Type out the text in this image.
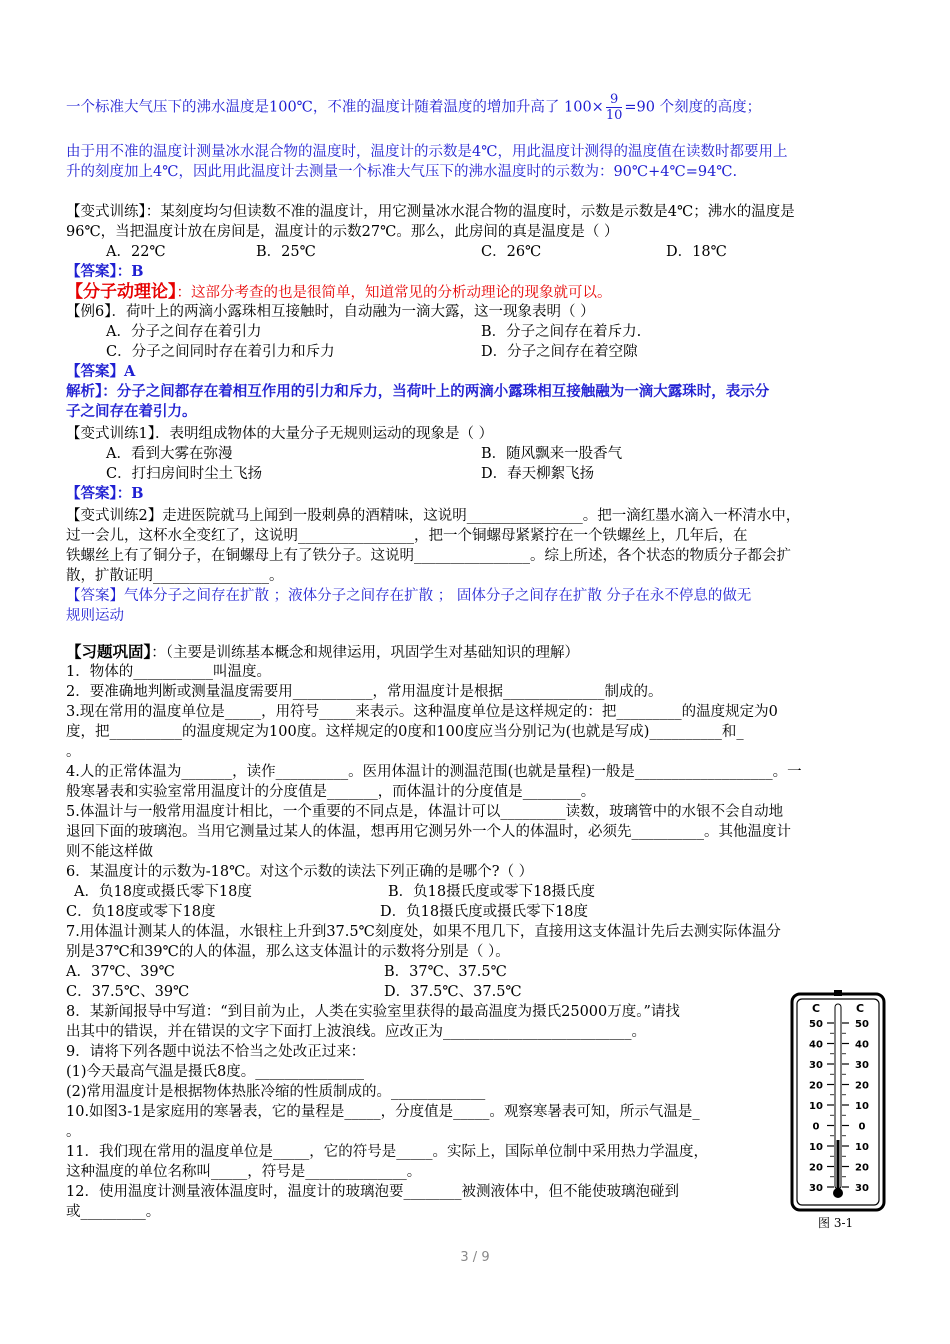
一个标准大气压下的沸水温度是100℃，不准的温度计随着温度的增加升高了 $100\times \frac{9}{10} =90$ 个刻度的高度；
由于用不准的温度计测量冰水混合物的温度时，温度计的示数是4℃，用此温度计测得的温度值在读数时都要用上
升的刻度加上4℃，因此用此温度计去测量一个标准大气压下的沸水温度时的示数为：90℃+4℃=94℃.
【变式训练】：某刻度均匀但读数不准的温度计，用它测量冰水混合物的温度时，示数是示数是4℃；沸水的温度是
96℃，当把温度计放在房间是，温度计的示数27℃。那么，此房间的真是温度是（ ）
A．22℃	B．25℃	C．26℃	D．18℃
【答案】：B
【分子动理论】：这部分考查的也是很简单，知道常见的分析动理论的现象就可以。
【例6】．荷叶上的两滴小露珠相互接触时，自动融为一滴大露，这一现象表明（ ）
A．分子之间存在着引力	B．分子之间存在着斥力.
C．分子之间同时存在着引力和斥力	D．分子之间存在着空隙
【答案】A
解析】：分子之间都存在着相互作用的引力和斥力，当荷叶上的两滴小露珠相互接触融为一滴大露珠时，表示分
子之间存在着引力。
【变式训练1】．表明组成物体的大量分子无规则运动的现象是（ ）
A．看到大雾在弥漫	B．随风飘来一股香气
C．打扫房间时尘土飞扬	D．春天柳絮飞扬
【答案】：B
【变式训练2】走进医院就马上闻到一股刺鼻的酒精味，这说明________________。把一滴红墨水滴入一杯清水中，
过一会儿，这杯水全变红了，这说明________________，把一个铜螺母紧紧拧在一个铁螺丝上，几年后，在
铁螺丝上有了铜分子，在铜螺母上有了铁分子。这说明________________。综上所述，各个状态的物质分子都会扩
散，扩散证明________________。
【答案】气体分子之间存在扩散 ；液体分子之间存在扩散 ； 固体分子之间存在扩散 分子在永不停息的做无
规则运动
【习题巩固】：（主要是训练基本概念和规律运用，巩固学生对基础知识的理解）
1．物体的___________叫温度。
2．要准确地判断或测量温度需要用___________，常用温度计是根据______________制成的。
3.现在常用的温度单位是_____，用符号_____来表示。这种温度单位是这样规定的：把_________的温度规定为0
度，把__________的温度规定为100度。这样规定的0度和100度应当分别记为(也就是写成)__________和_
。
4.人的正常体温为_______，读作__________。医用体温计的测温范围(也就是量程)一般是___________________。一
般寒暑表和实验室常用温度计的分度值是_______，而体温计的分度值是________。
5.体温计与一般常用温度计相比，一个重要的不同点是，体温计可以_________读数，玻璃管中的水银不会自动地
退回下面的玻璃泡。当用它测量过某人的体温，想再用它测另外一个人的体温时，必须先__________。其他温度计
则不能这样做
6．某温度计的示数为-18℃。对这个示数的读法下列正确的是哪个?（ ）
A．负18度或摄氏零下18度	B．负18摄氏度或零下18摄氏度
C．负18度或零下18度	D．负18摄氏度或摄氏零下18度
7.用体温计测某人的体温，水银柱上升到37.5℃刻度处，如果不甩几下，直接用这支体温计先后去测实际体温分
别是37℃和39℃的人的体温，那么这支体温计的示数将分别是（ ）。
A．37℃、39℃	B．37℃、37.5℃
C．37.5℃、39℃	D．37.5℃、37.5℃
8．某新闻报导中写道：“到目前为止，人类在实验室里获得的最高温度为摄氏25000万度。”请找
出其中的错误，并在错误的文字下面打上波浪线。应改正为__________________________。
9．请将下列各题中说法不恰当之处改正过来：
(1)今天最高气温是摄氏8度。_______________
(2)常用温度计是根据物体热胀冷缩的性质制成的。_____________
10.如图3-1是家庭用的寒暑表，它的量程是_____，分度值是_____。观察寒暑表可知，所示气温是_
。
11．我们现在常用的温度单位是_____，它的符号是_____。实际上，国际单位制中采用热力学温度，
这种温度的单位名称叫_____，符号是______________。
12．使用温度计测量液体温度时，温度计的玻璃泡要________被测液体中，但不能使玻璃泡碰到
或_________。
C	C
50	50
40	40
30	30
20	20
10	10
0	0
10	10
20	20
30	30
图 3-1
3 / 9
